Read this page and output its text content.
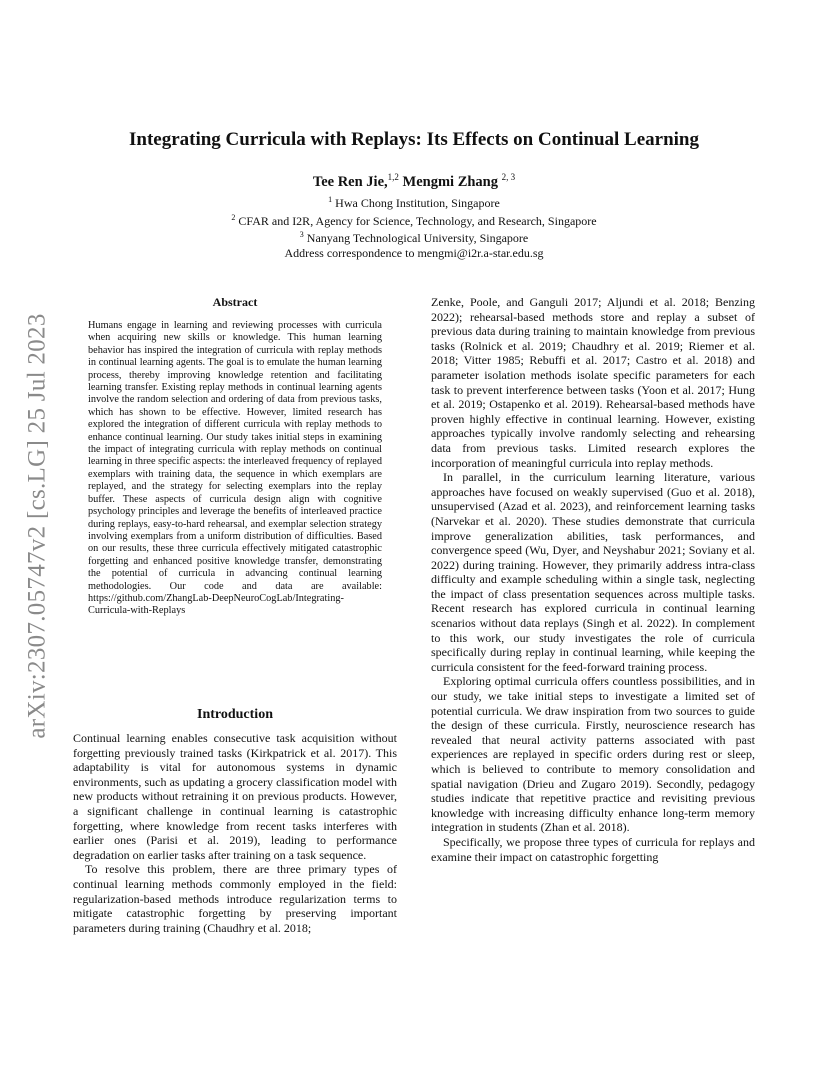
arXiv:2307.05747v2 [cs.LG] 25 Jul 2023
Integrating Curricula with Replays: Its Effects on Continual Learning
Tee Ren Jie,$^{1,2}$ Mengmi Zhang $^{2, 3}$
$^1$ Hwa Chong Institution, Singapore
$^2$ CFAR and I2R, Agency for Science, Technology, and Research, Singapore
$^3$ Nanyang Technological University, Singapore
Address correspondence to mengmi@i2r.a-star.edu.sg
Abstract

Humans engage in learning and reviewing processes with curricula when acquiring new skills or knowledge. This human learning behavior has inspired the integration of curricula with replay methods in continual learning agents. The goal is to emulate the human learning process, thereby improving knowledge retention and facilitating learning transfer. Existing replay methods in continual learning agents involve the random selection and ordering of data from previous tasks, which has shown to be effective. However, limited research has explored the integration of different curricula with replay methods to enhance continual learning. Our study takes initial steps in examining the impact of integrating curricula with replay methods on continual learning in three specific aspects: the interleaved frequency of replayed exemplars with training data, the sequence in which exemplars are replayed, and the strategy for selecting exemplars into the replay buffer. These aspects of curricula design align with cognitive psychology principles and leverage the benefits of interleaved practice during replays, easy-to-hard rehearsal, and exemplar selection strategy involving exemplars from a uniform distribution of difficulties. Based on our results, these three curricula effectively mitigated catastrophic forgetting and enhanced positive knowledge transfer, demonstrating the potential of curricula in advancing continual learning methodologies. Our code and data are available: https://github.com/ZhangLab-DeepNeuroCogLab/Integrating-Curricula-with-Replays

Introduction

Continual learning enables consecutive task acquisition without forgetting previously trained tasks (Kirkpatrick et al. 2017). This adaptability is vital for autonomous systems in dynamic environments, such as updating a grocery classification model with new products without retraining it on previous products. However, a significant challenge in continual learning is catastrophic forgetting, where knowledge from recent tasks interferes with earlier ones (Parisi et al. 2019), leading to performance degradation on earlier tasks after training on a task sequence.

To resolve this problem, there are three primary types of continual learning methods commonly employed in the field: regularization-based methods introduce regularization terms to mitigate catastrophic forgetting by preserving important parameters during training (Chaudhry et al. 2018;

Zenke, Poole, and Ganguli 2017; Aljundi et al. 2018; Benzing 2022); rehearsal-based methods store and replay a subset of previous data during training to maintain knowledge from previous tasks (Rolnick et al. 2019; Chaudhry et al. 2019; Riemer et al. 2018; Vitter 1985; Rebuffi et al. 2017; Castro et al. 2018) and parameter isolation methods isolate specific parameters for each task to prevent interference between tasks (Yoon et al. 2017; Hung et al. 2019; Ostapenko et al. 2019). Rehearsal-based methods have proven highly effective in continual learning. However, existing approaches typically involve randomly selecting and rehearsing data from previous tasks. Limited research explores the incorporation of meaningful curricula into replay methods.

In parallel, in the curriculum learning literature, various approaches have focused on weakly supervised (Guo et al. 2018), unsupervised (Azad et al. 2023), and reinforcement learning tasks (Narvekar et al. 2020). These studies demonstrate that curricula improve generalization abilities, task performances, and convergence speed (Wu, Dyer, and Neyshabur 2021; Soviany et al. 2022) during training. However, they primarily address intra-class difficulty and example scheduling within a single task, neglecting the impact of class presentation sequences across multiple tasks. Recent research has explored curricula in continual learning scenarios without data replays (Singh et al. 2022). In complement to this work, our study investigates the role of curricula specifically during replay in continual learning, while keeping the curricula consistent for the feed-forward training process.

Exploring optimal curricula offers countless possibilities, and in our study, we take initial steps to investigate a limited set of potential curricula. We draw inspiration from two sources to guide the design of these curricula. Firstly, neuroscience research has revealed that neural activity patterns associated with past experiences are replayed in specific orders during rest or sleep, which is believed to contribute to memory consolidation and spatial navigation (Drieu and Zugaro 2019). Secondly, pedagogy studies indicate that repetitive practice and revisiting previous knowledge with increasing difficulty enhance long-term memory integration in students (Zhan et al. 2018).

Specifically, we propose three types of curricula for replays and examine their impact on catastrophic forgetting
